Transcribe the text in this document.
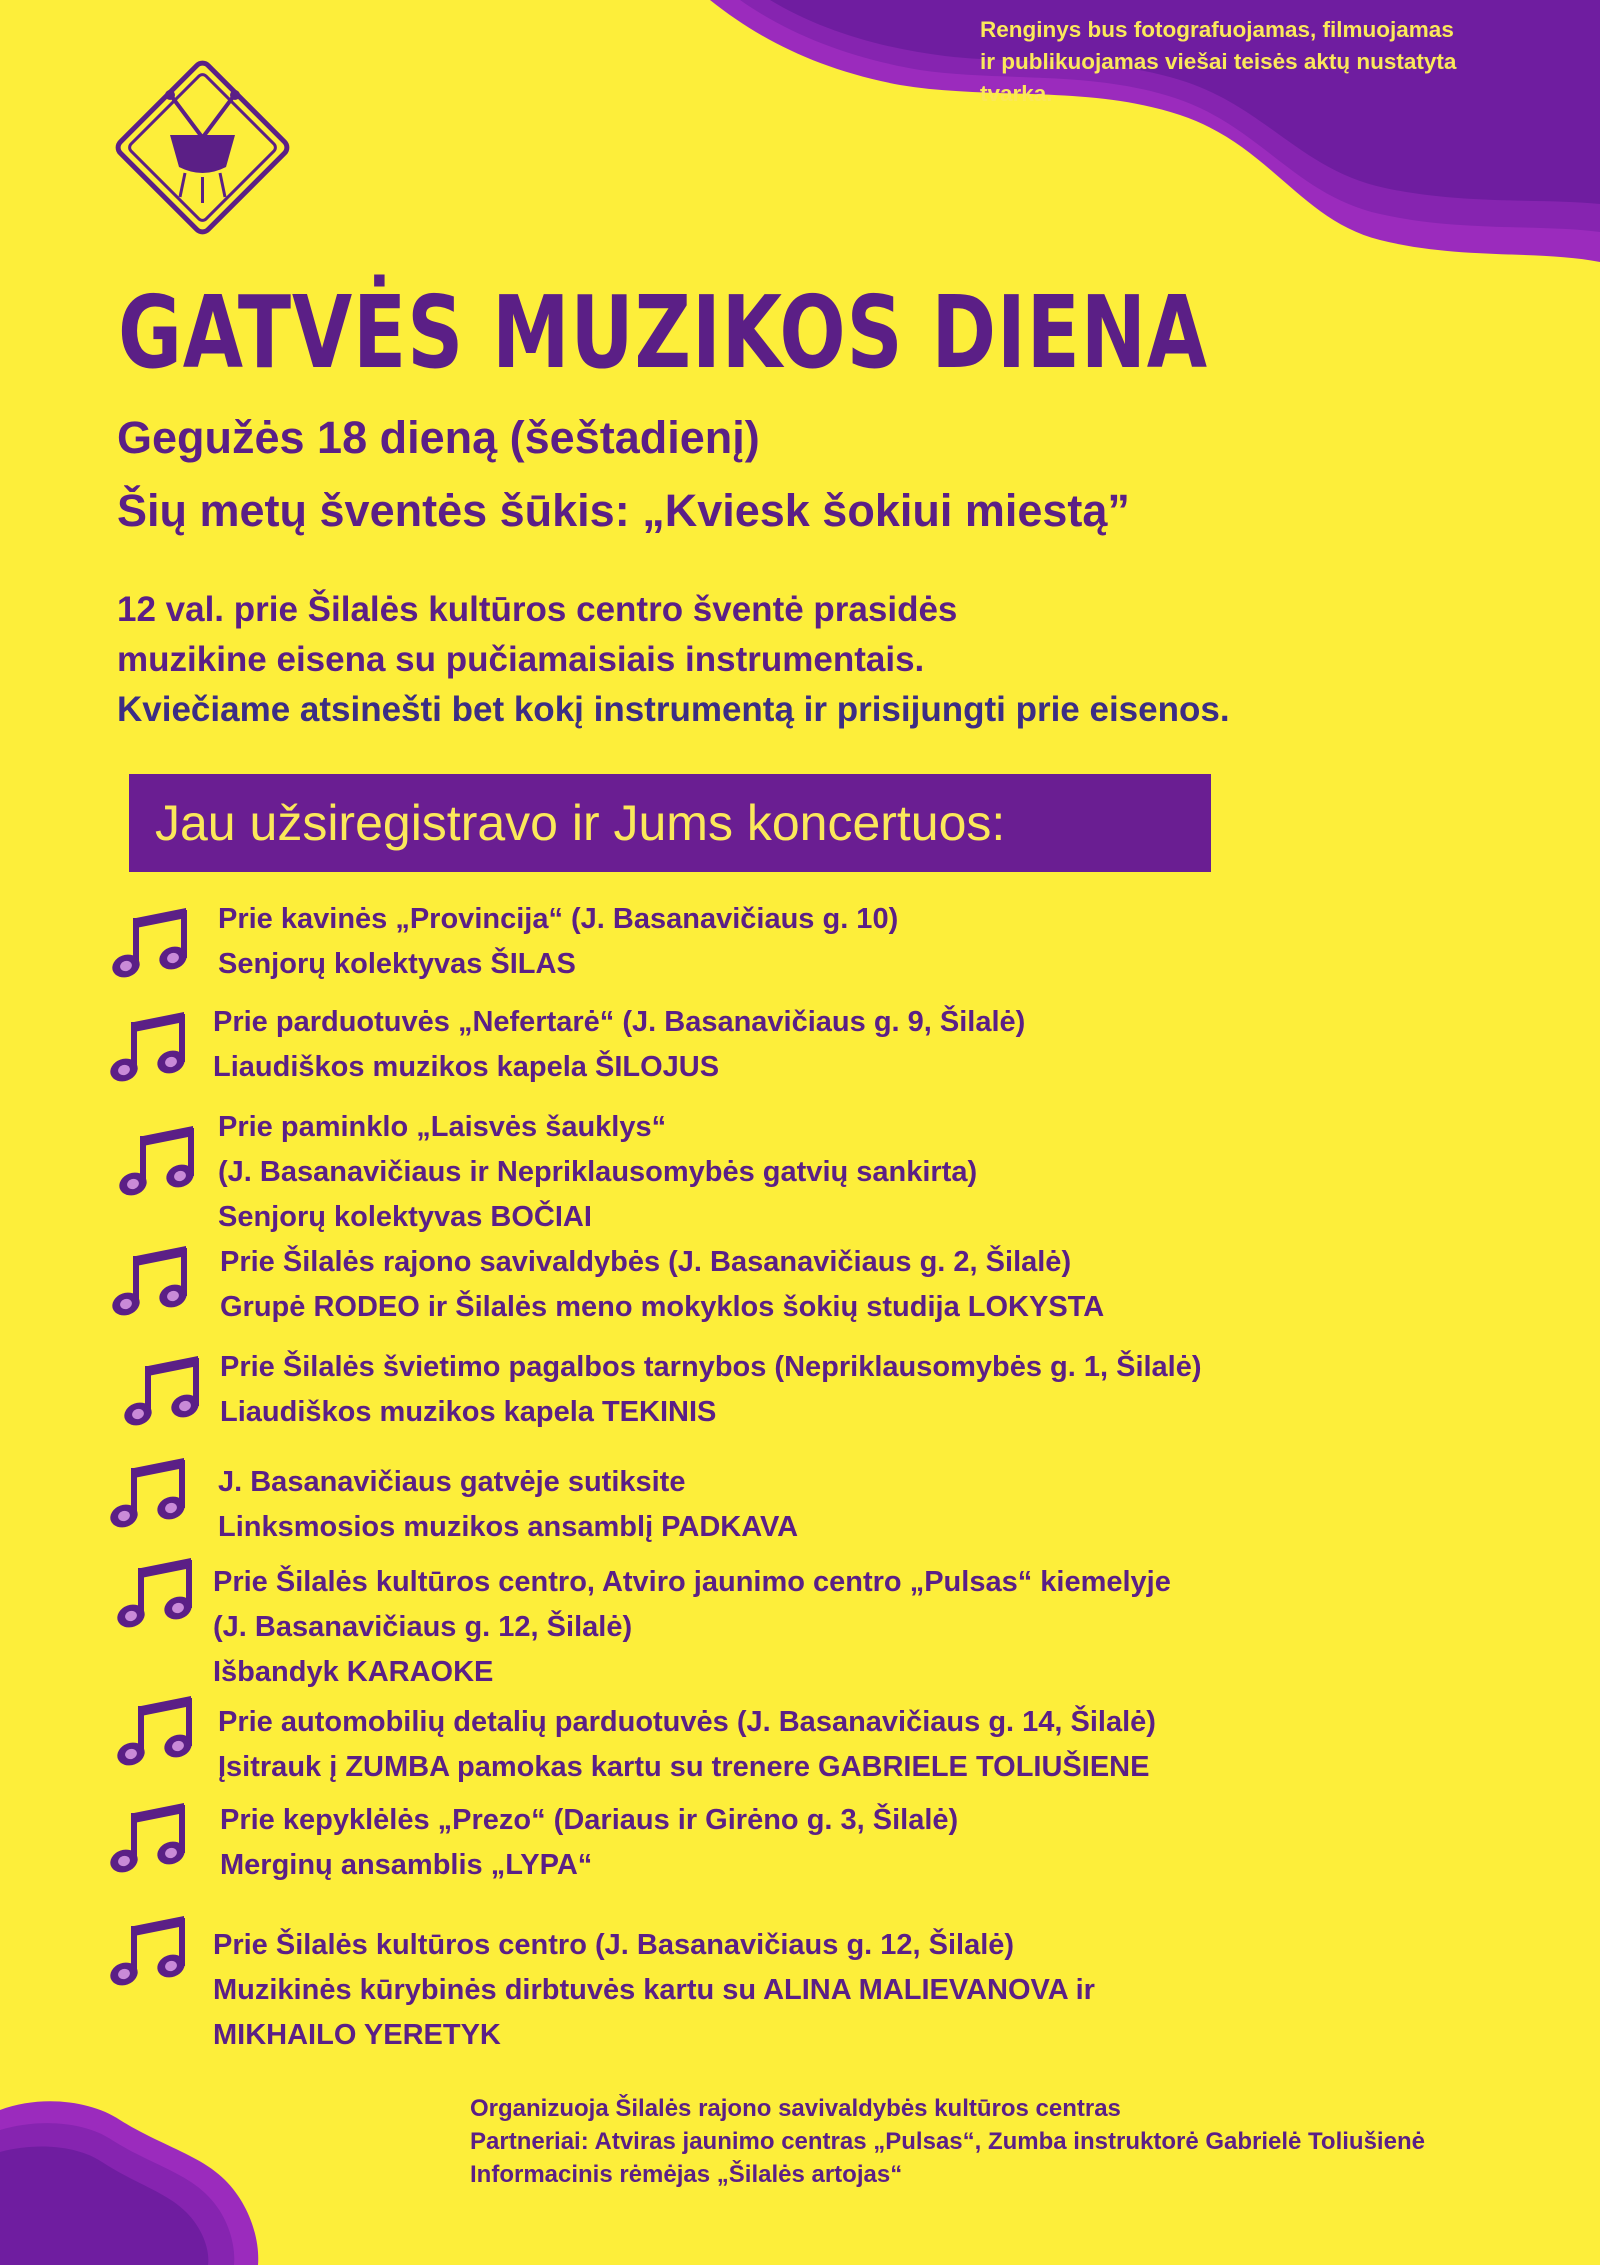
Renginys bus fotografuojamas, filmuojamas
ir publikuojamas viešai teisės aktų nustatyta
tvarka.

GATVĖS MUZIKOS DIENA

Gegužės 18 dieną (šeštadienį)

Šių metų šventės šūkis: „Kviesk šokiui miestą”

12 val. prie Šilalės kultūros centro šventė prasidės
muzikine eisena su pučiamaisiais instrumentais.
Kviečiame atsinešti bet kokį instrumentą ir prisijungti prie eisenos.

Jau užsiregistravo ir Jums koncertuos:

Prie kavinės „Provincija“ (J. Basanavičiaus g. 10)

Senjorų kolektyvas ŠILAS

Prie parduotuvės „Nefertarė“ (J. Basanavičiaus g. 9, Šilalė)

Liaudiškos muzikos kapela ŠILOJUS

Prie paminklo „Laisvės šauklys“

(J. Basanavičiaus ir Nepriklausomybės gatvių sankirta)

Senjorų kolektyvas BOČIAI

Prie Šilalės rajono savivaldybės (J. Basanavičiaus g. 2, Šilalė)

Grupė RODEO ir Šilalės meno mokyklos šokių studija LOKYSTA

Prie Šilalės švietimo pagalbos tarnybos (Nepriklausomybės g. 1, Šilalė)

Liaudiškos muzikos kapela TEKINIS

J. Basanavičiaus gatvėje sutiksite

Linksmosios muzikos ansamblį PADKAVA

Prie Šilalės kultūros centro, Atviro jaunimo centro „Pulsas“ kiemelyje

(J. Basanavičiaus g. 12, Šilalė)

Išbandyk KARAOKE

Prie automobilių detalių parduotuvės (J. Basanavičiaus g. 14, Šilalė)

Įsitrauk į ZUMBA pamokas kartu su trenere GABRIELE TOLIUŠIENE

Prie kepyklėlės „Prezo“ (Dariaus ir Girėno g. 3, Šilalė)

Merginų ansamblis „LYPA“

Prie Šilalės kultūros centro (J. Basanavičiaus g. 12, Šilalė)

Muzikinės kūrybinės dirbtuvės kartu su ALINA MALIEVANOVA ir

MIKHAILO YERETYK

Organizuoja Šilalės rajono savivaldybės kultūros centras
Partneriai: Atviras jaunimo centras „Pulsas“, Zumba instruktorė Gabrielė Toliušienė
Informacinis rėmėjas „Šilalės artojas“
